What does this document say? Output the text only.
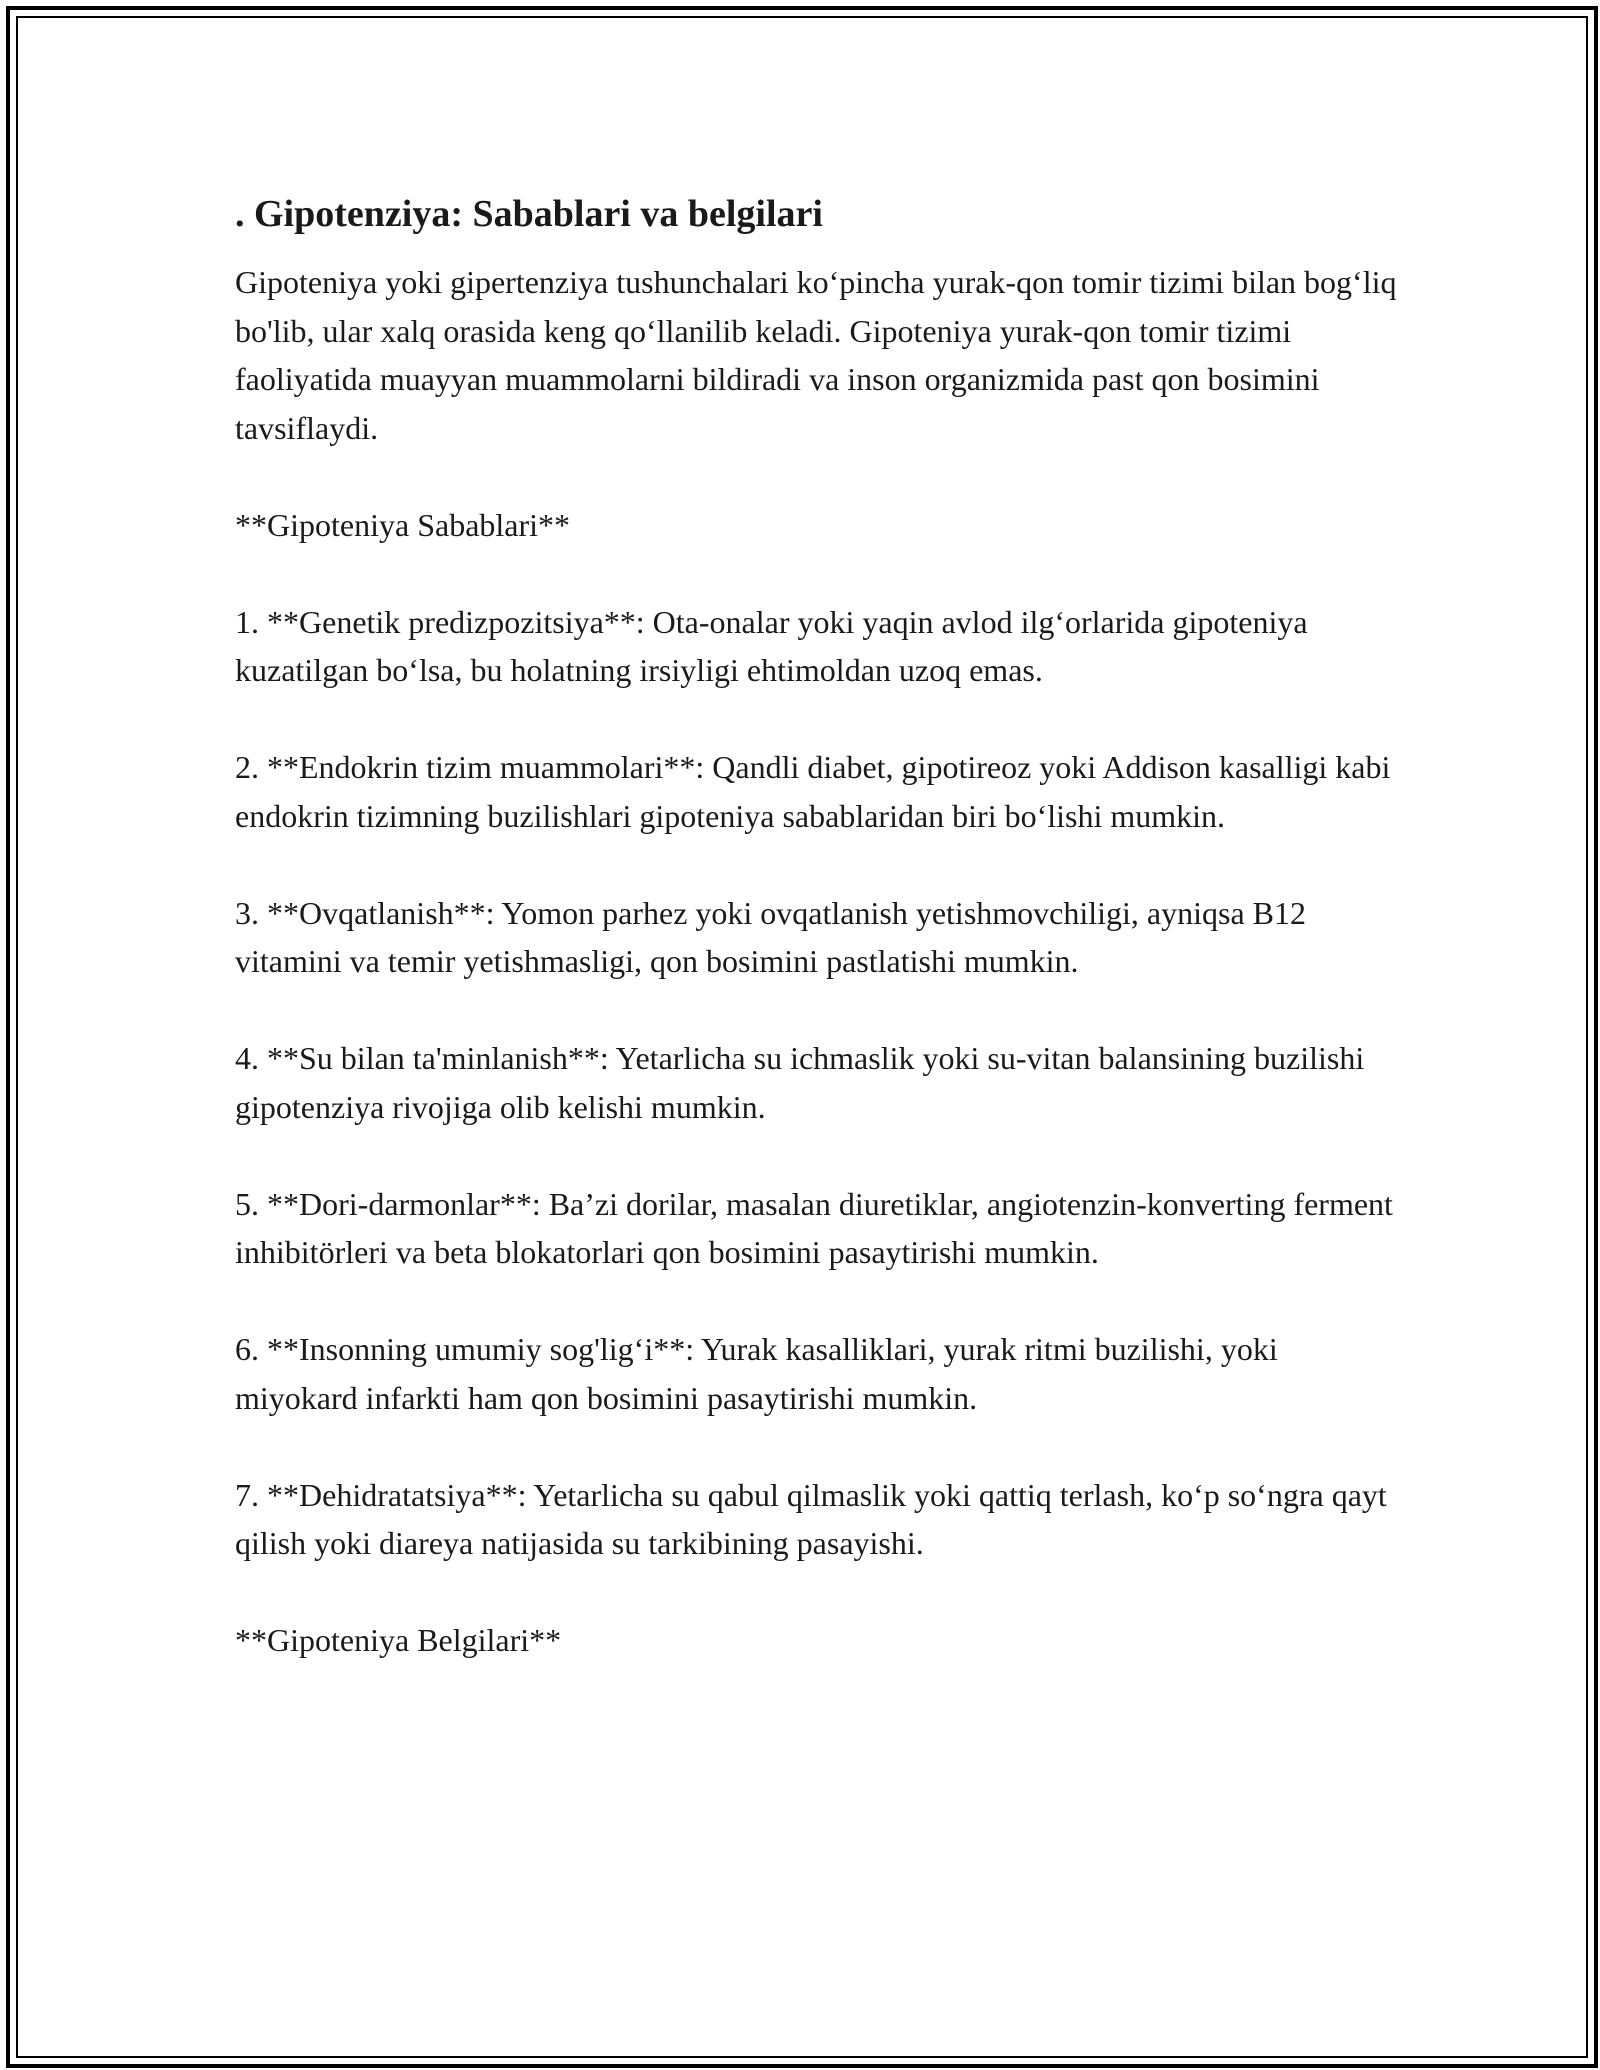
. Gipotenziya: Sabablari va belgilari

Gipoteniya yoki gipertenziya tushunchalari ko‘pincha yurak-qon tomir tizimi bilan bog‘liq bo'lib, ular xalq orasida keng qo‘llanilib keladi. Gipoteniya yurak-qon tomir tizimi faoliyatida muayyan muammolarni bildiradi va inson organizmida past qon bosimini tavsiflaydi.

**Gipoteniya Sabablari**

1. **Genetik predizpozitsiya**: Ota-onalar yoki yaqin avlod ilg‘orlarida gipoteniya kuzatilgan bo‘lsa, bu holatning irsiyligi ehtimoldan uzoq emas.

2. **Endokrin tizim muammolari**: Qandli diabet, gipotireoz yoki Addison kasalligi kabi endokrin tizimning buzilishlari gipoteniya sabablaridan biri bo‘lishi mumkin.

3. **Ovqatlanish**: Yomon parhez yoki ovqatlanish yetishmovchiligi, ayniqsa B12 vitamini va temir yetishmasligi, qon bosimini pastlatishi mumkin.

4. **Su bilan ta'minlanish**: Yetarlicha su ichmaslik yoki su-vitan balansining buzilishi gipotenziya rivojiga olib kelishi mumkin.

5. **Dori-darmonlar**: Ba’zi dorilar, masalan diuretiklar, angiotenzin-konverting ferment inhibitörleri va beta blokatorlari qon bosimini pasaytirishi mumkin.

6. **Insonning umumiy sog'lig‘i**: Yurak kasalliklari, yurak ritmi buzilishi, yoki miyokard infarkti ham qon bosimini pasaytirishi mumkin.

7. **Dehidratatsiya**: Yetarlicha su qabul qilmaslik yoki qattiq terlash, ko‘p so‘ngra qayt qilish yoki diareya natijasida su tarkibining pasayishi.

**Gipoteniya Belgilari**
